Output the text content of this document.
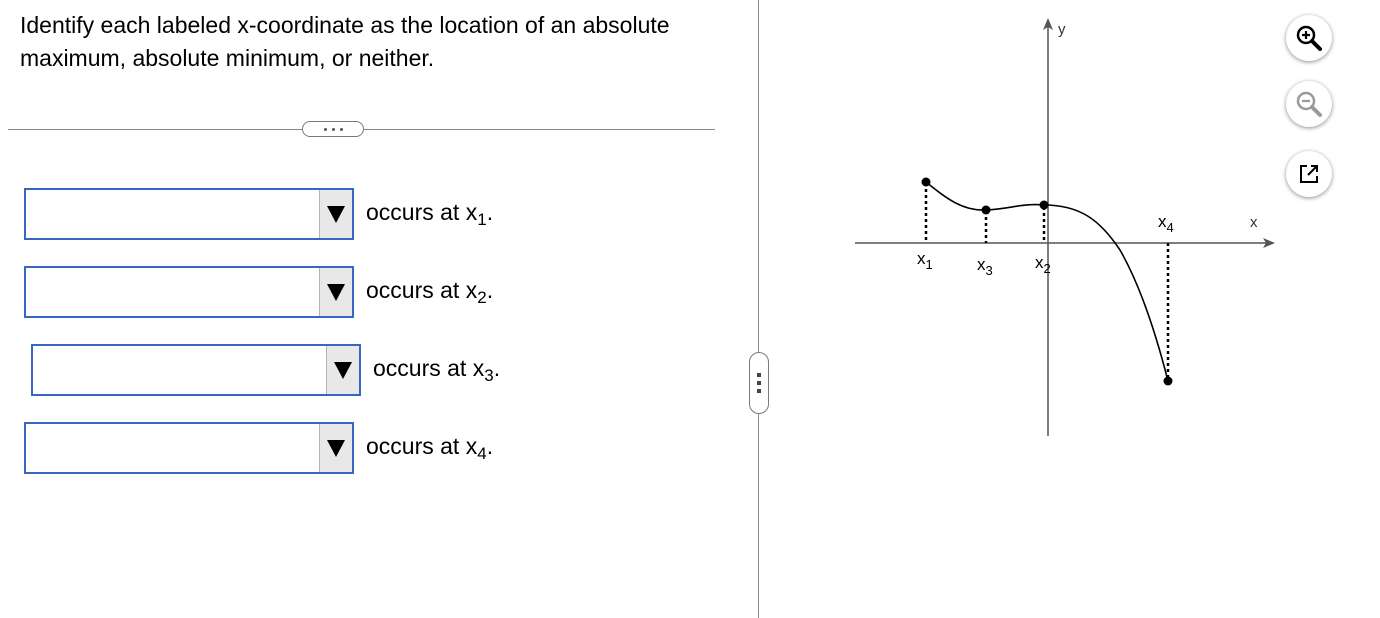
Identify each labeled x-coordinate as the location of an absolute maximum, absolute minimum, or neither.
occurs at $x_1$.
occurs at $x_2$.
occurs at $x_3$.
occurs at $x_4$.
x
y
$x_1$	$x_3$ $x_2$
$x_4$
